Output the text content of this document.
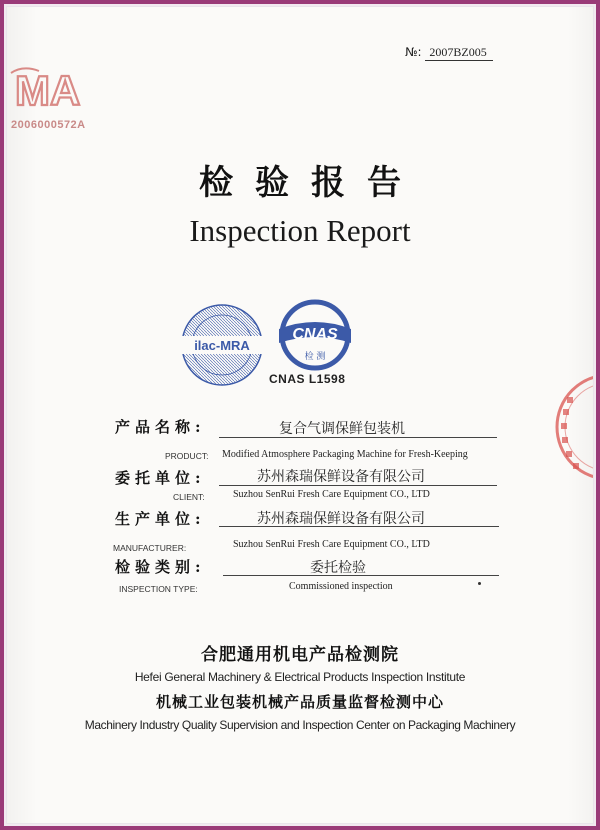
№: 2007BZ005
MA
2006000572A
检验报告
Inspection Report
ilac-MRA
CNAS
检 测
CNAS L1598
产品名称:	复合气调保鲜包装机
PRODUCT: Modified Atmosphere Packaging Machine for Fresh-Keeping
委托单位:	苏州森瑞保鲜设备有限公司
CLIENT:	Suzhou SenRui Fresh Care Equipment CO., LTD
生产单位:	苏州森瑞保鲜设备有限公司
MANUFACTURER:	Suzhou SenRui Fresh Care Equipment CO., LTD
检验类别:	委托检验
INSPECTION TYPE:	Commissioned inspection
合肥通用机电产品检测院
Hefei General Machinery & Electrical Products Inspection Institute
机械工业包装机械产品质量监督检测中心
Machinery Industry Quality Supervision and Inspection Center on Packaging Machinery
